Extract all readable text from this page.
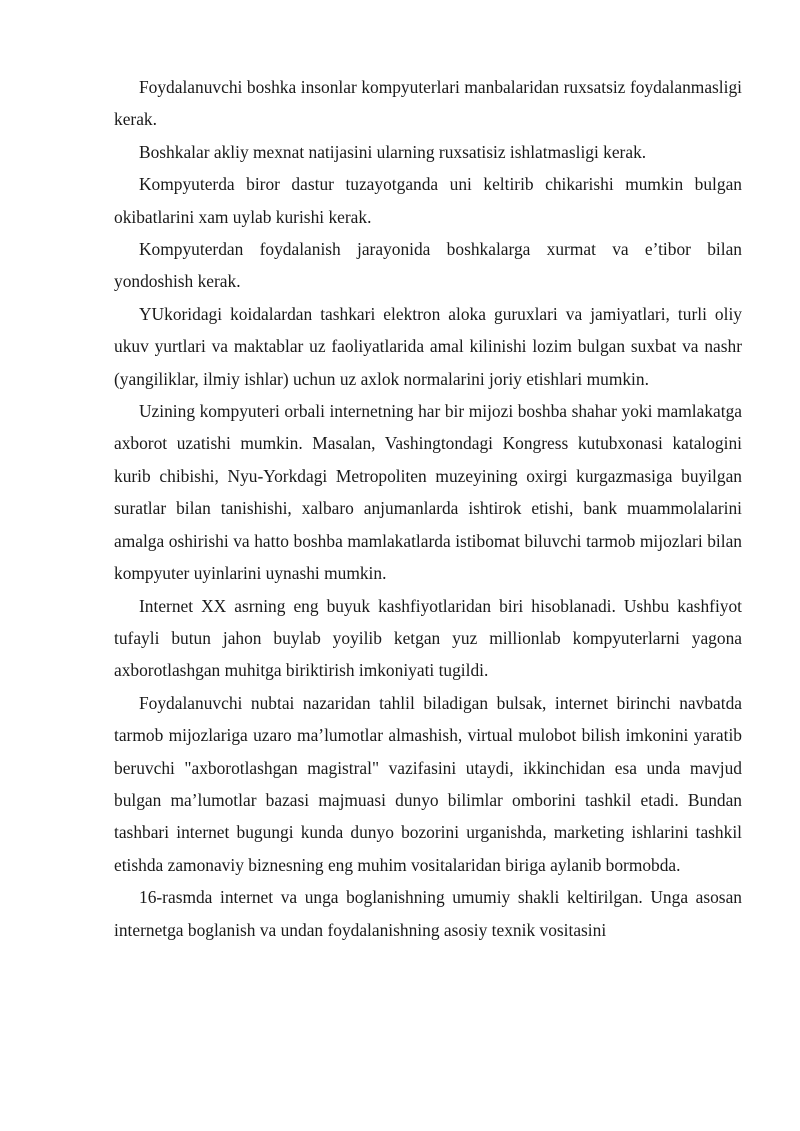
Foydalanuvchi boshka insonlar kompyuterlari manbalaridan ruxsatsiz foydalanmasligi kerak.

Boshkalar akliy mexnat natijasini ularning ruxsatisiz ishlatmasligi kerak.

Kompyuterda biror dastur tuzayotganda uni keltirib chikarishi mumkin bulgan okibatlarini xam uylab kurishi kerak.

Kompyuterdan foydalanish jarayonida boshkalarga xurmat va e’tibor bilan yondoshish kerak.

YUkoridagi koidalardan tashkari elektron aloka guruxlari va jamiyatlari, turli oliy ukuv yurtlari va maktablar uz faoliyatlarida amal kilinishi lozim bulgan suxbat va nashr (yangiliklar, ilmiy ishlar) uchun uz axlok normalarini joriy etishlari mumkin.

Uzining kompyuteri orbali internetning har bir mijozi boshba shahar yoki mamlakatga axborot uzatishi mumkin. Masalan, Vashingtondagi Kongress kutubxonasi katalogini kurib chibishi, Nyu-Yorkdagi Metropoliten muzeyining oxirgi kurgazmasiga buyilgan suratlar bilan tanishishi, xalbaro anjumanlarda ishtirok etishi, bank muammolalarini amalga oshirishi va hatto boshba mamlakatlarda istibomat biluvchi tarmob mijozlari bilan kompyuter uyinlarini uynashi mumkin.

Internet XX asrning eng buyuk kashfiyotlaridan biri hisoblanadi. Ushbu kashfiyot tufayli butun jahon buylab yoyilib ketgan yuz millionlab kompyuterlarni yagona axborotlashgan muhitga biriktirish imkoniyati tugildi.

Foydalanuvchi nubtai nazaridan tahlil biladigan bulsak, internet birinchi navbatda tarmob mijozlariga uzaro ma’lumotlar almashish, virtual mulobot bilish imkonini yaratib beruvchi "axborotlashgan magistral" vazifasini utaydi, ikkinchidan esa unda mavjud bulgan ma’lumotlar bazasi majmuasi dunyo bilimlar omborini tashkil etadi. Bundan tashbari internet bugungi kunda dunyo bozorini urganishda, marketing ishlarini tashkil etishda zamonaviy biznesning eng muhim vositalaridan biriga aylanib bormobda.

16-rasmda internet va unga boglanishning umumiy shakli keltirilgan. Unga asosan internetga boglanish va undan foydalanishning asosiy texnik vositasini
